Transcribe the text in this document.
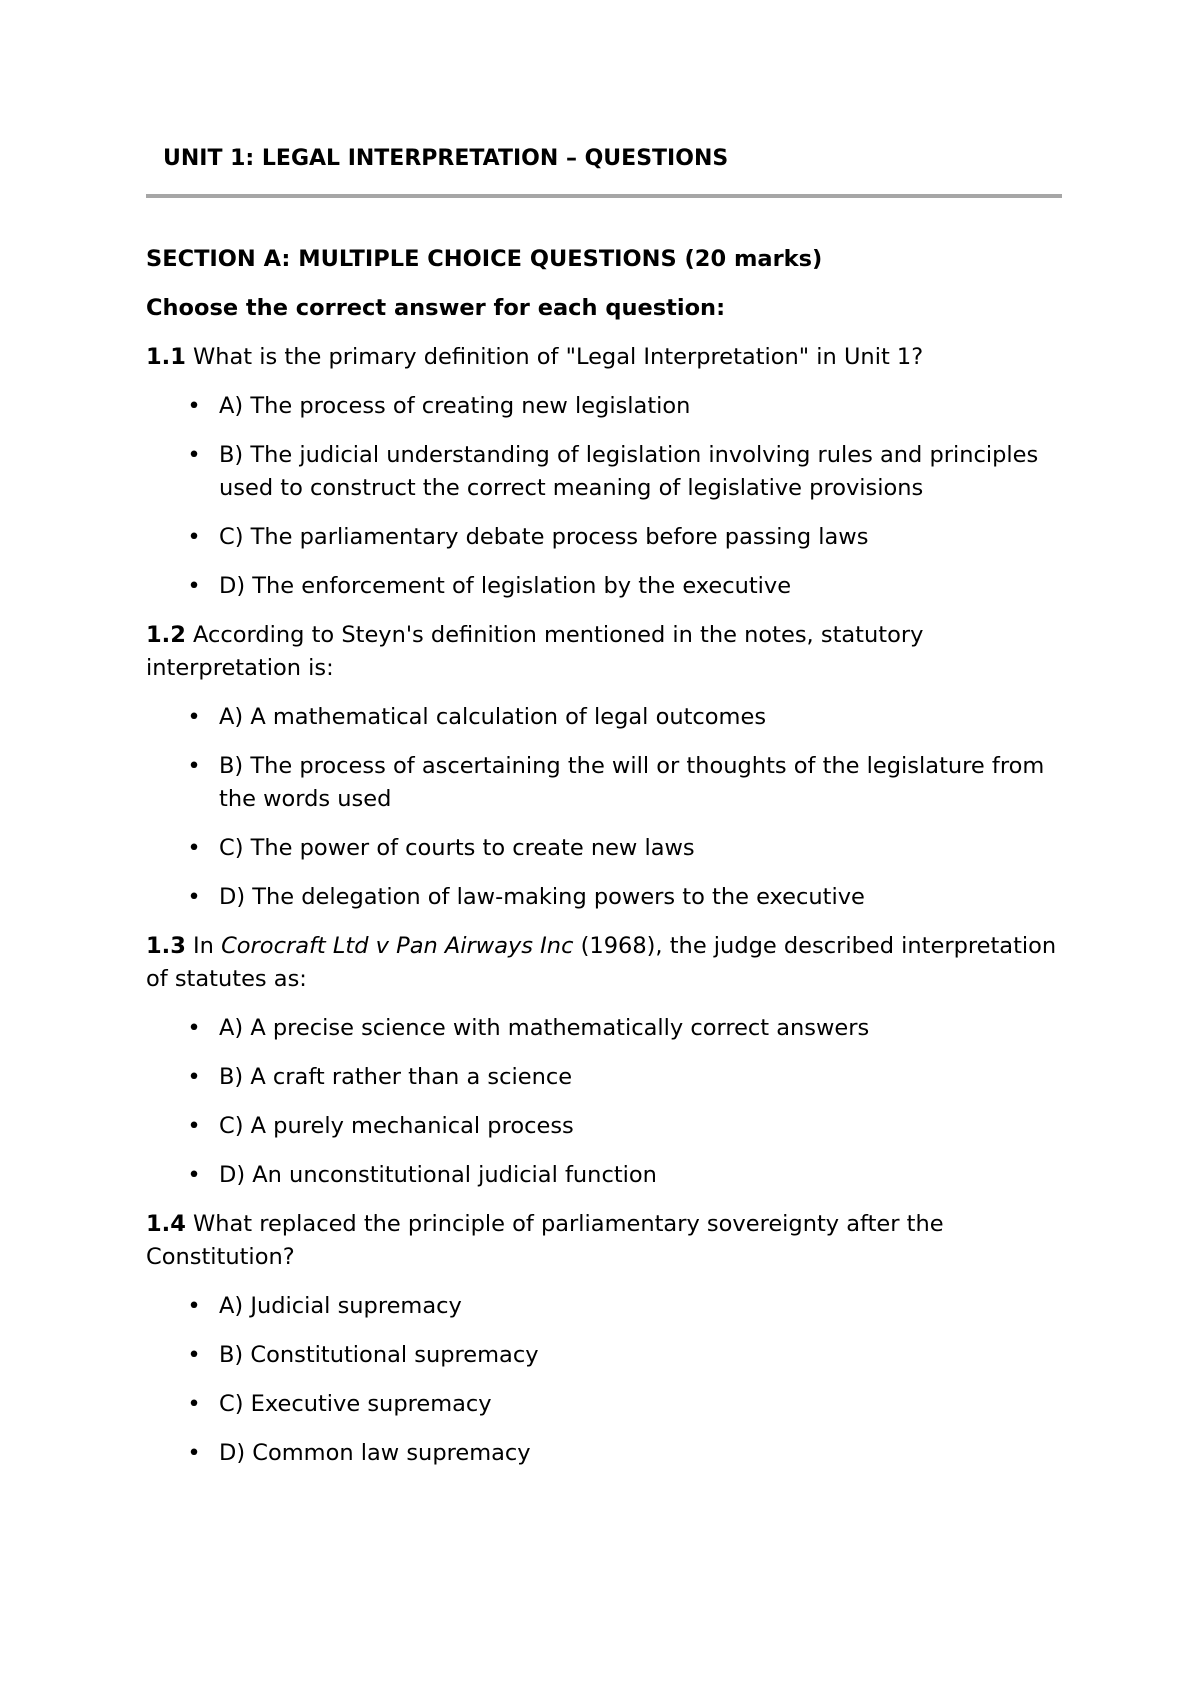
UNIT 1: LEGAL INTERPRETATION – QUESTIONS

SECTION A: MULTIPLE CHOICE QUESTIONS (20 marks)

Choose the correct answer for each question:

1.1 What is the primary definition of "Legal Interpretation" in Unit 1?

• A) The process of creating new legislation
• B) The judicial understanding of legislation involving rules and principles used to construct the correct meaning of legislative provisions
• C) The parliamentary debate process before passing laws
• D) The enforcement of legislation by the executive

1.2 According to Steyn's definition mentioned in the notes, statutory interpretation is:

• A) A mathematical calculation of legal outcomes
• B) The process of ascertaining the will or thoughts of the legislature from the words used
• C) The power of courts to create new laws
• D) The delegation of law-making powers to the executive

1.3 In Corocraft Ltd v Pan Airways Inc (1968), the judge described interpretation of statutes as:

• A) A precise science with mathematically correct answers
• B) A craft rather than a science
• C) A purely mechanical process
• D) An unconstitutional judicial function

1.4 What replaced the principle of parliamentary sovereignty after the Constitution?

• A) Judicial supremacy
• B) Constitutional supremacy
• C) Executive supremacy
• D) Common law supremacy
